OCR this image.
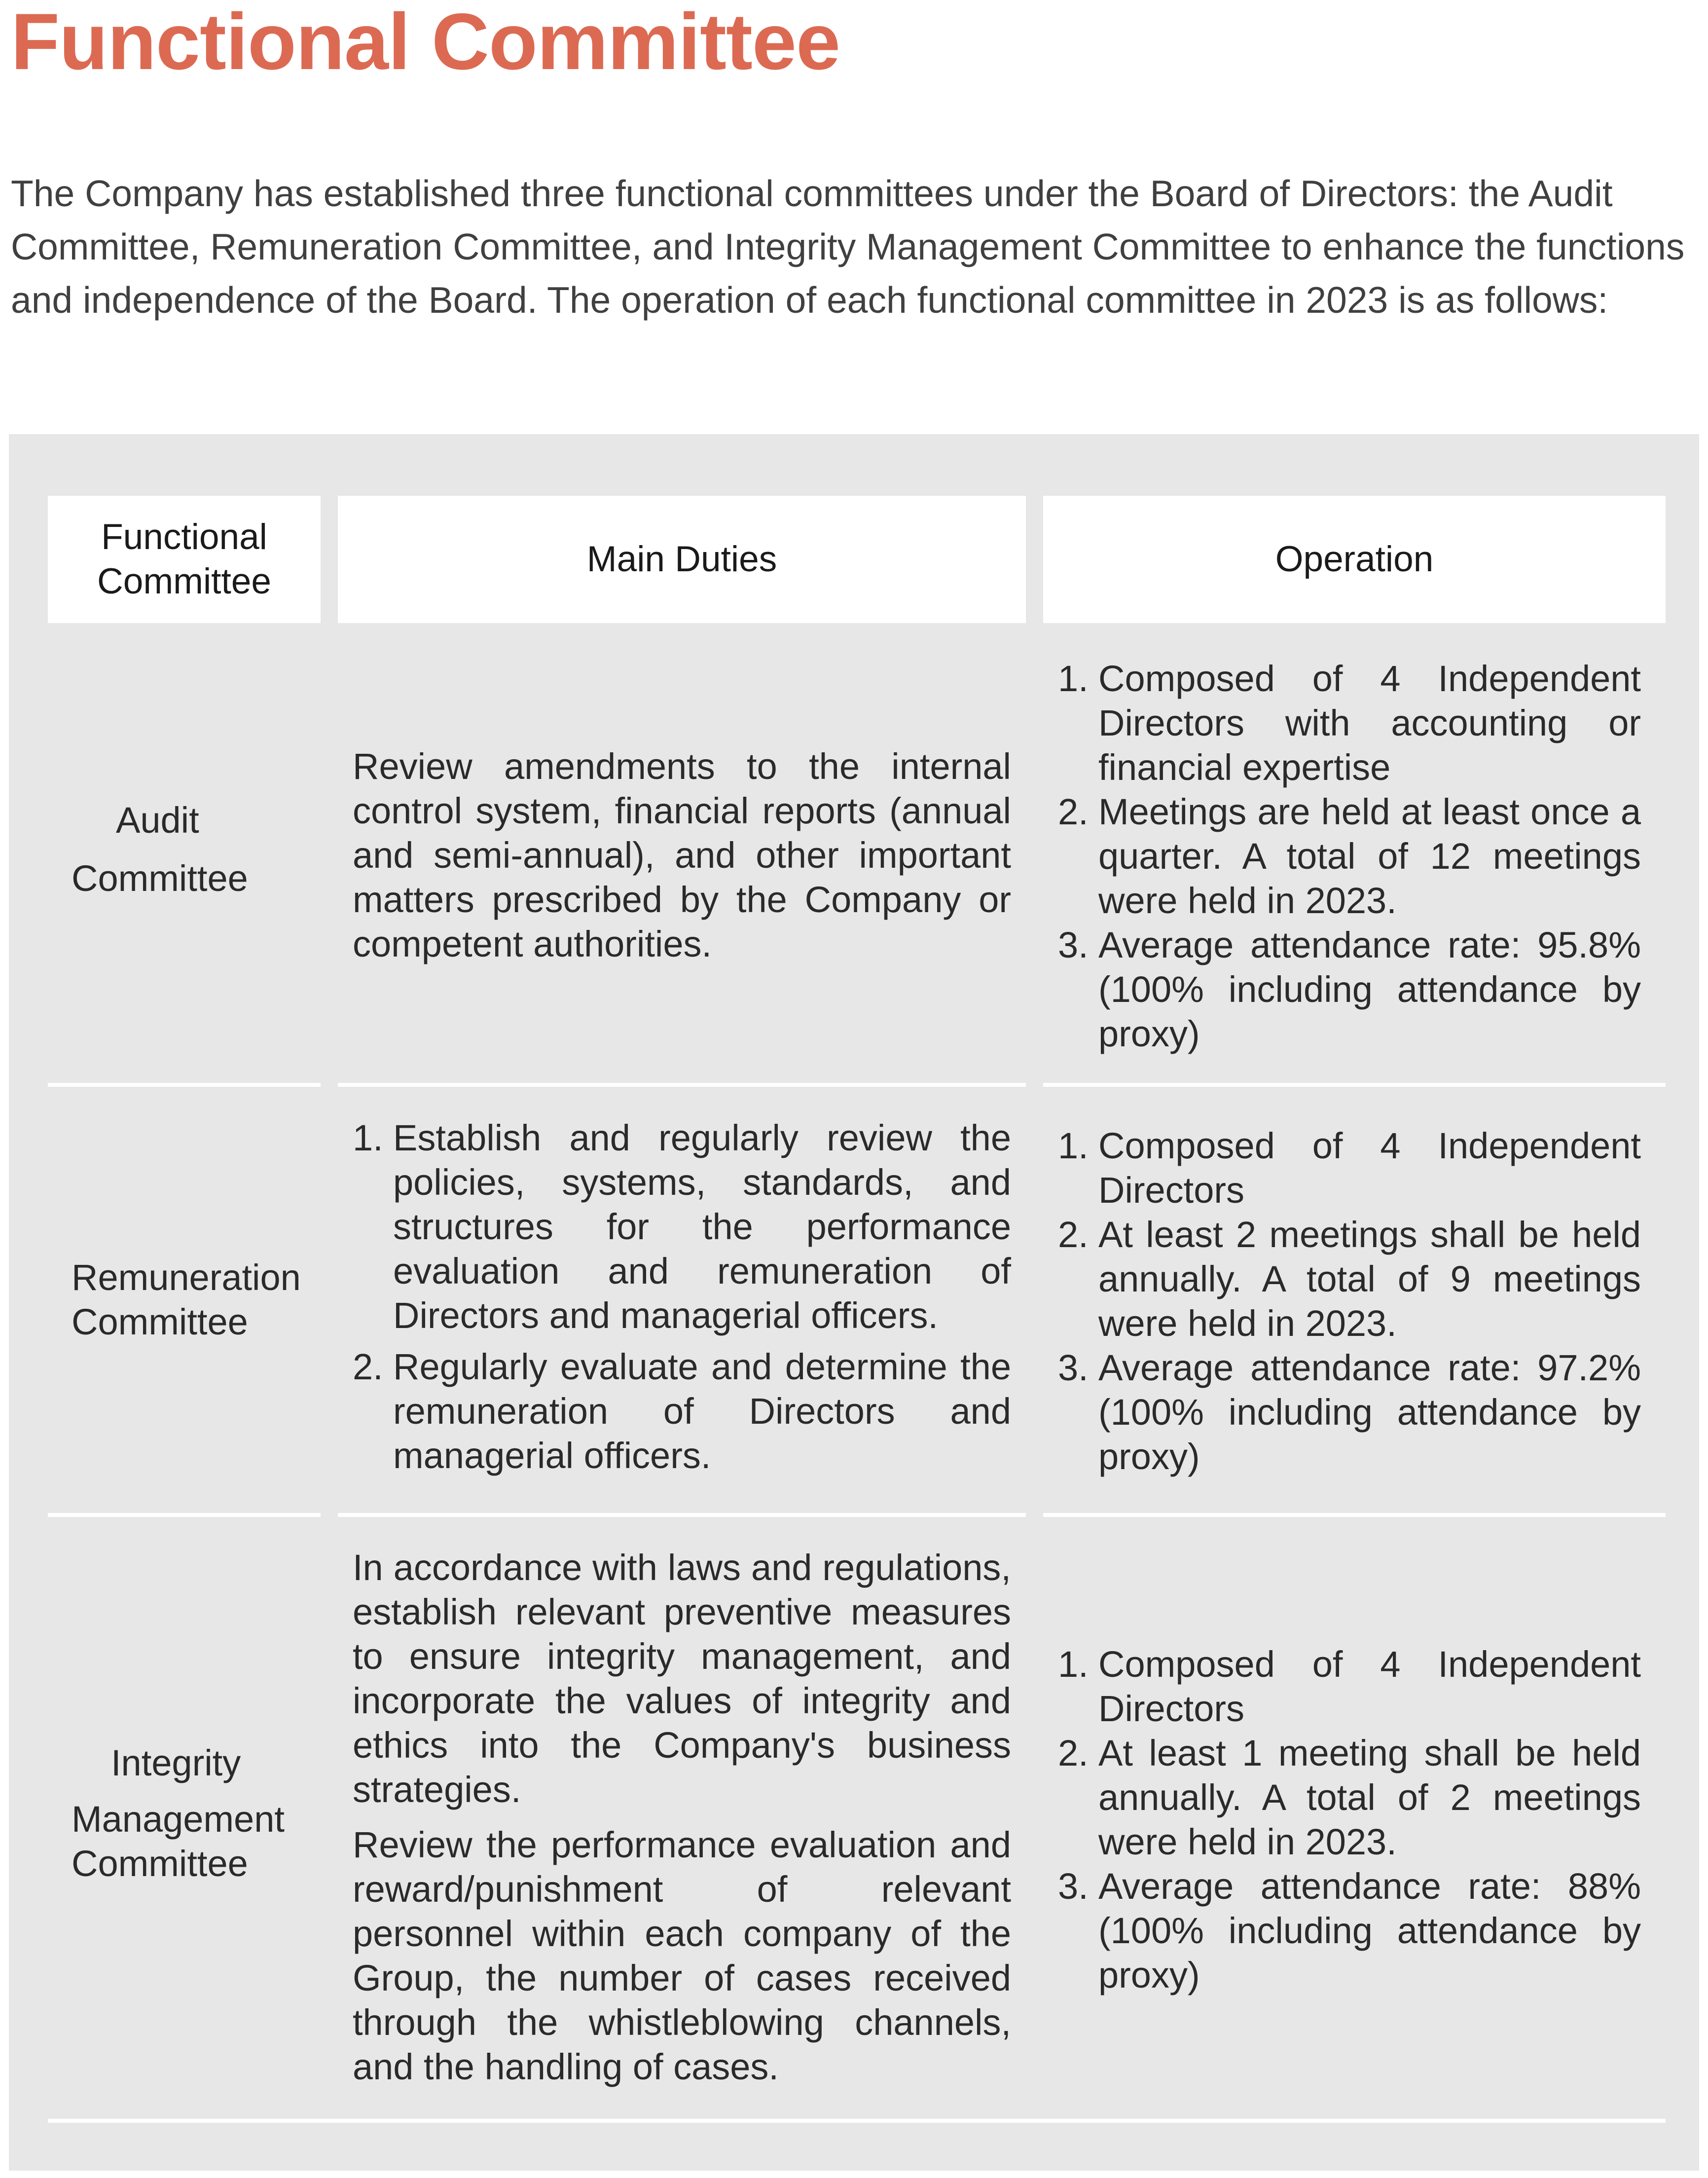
Functional Committee
The Company has established three functional committees under the Board of Directors: the Audit Committee, Remuneration Committee, and Integrity Management Committee to enhance the functions and independence of the Board. The operation of each functional committee in 2023 is as follows:
Functional Committee
Main Duties	Operation
Audit
Committee

Review amendments to the internal control system, financial reports (annual and semi-annual), and other important matters prescribed by the Company or competent authorities.

1. Composed of 4 Independent Directors with accounting or financial expertise
2. Meetings are held at least once a quarter. A total of 12 meetings were held in 2023.
3. Average attendance rate: 95.8% (100% including attendance by proxy)
Remuneration
Committee
1. Establish and regularly review the policies, systems, standards, and structures for the performance evaluation and remuneration of Directors and managerial officers.
2. Regularly evaluate and determine the remuneration of Directors and managerial officers.
1. Composed of 4 Independent Directors
2. At least 2 meetings shall be held annually. A total of 9 meetings were held in 2023.
3. Average attendance rate: 97.2% (100% including attendance by proxy)
Integrity
Management
Committee

In accordance with laws and regulations, establish relevant preventive measures to ensure integrity management, and incorporate the values of integrity and ethics into the Company's business strategies.

Review the performance evaluation and reward/punishment of relevant personnel within each company of the Group, the number of cases received through the whistleblowing channels, and the handling of cases.

1. Composed of 4 Independent Directors
2. At least 1 meeting shall be held annually. A total of 2 meetings were held in 2023.
3. Average attendance rate: 88% (100% including attendance by proxy)
